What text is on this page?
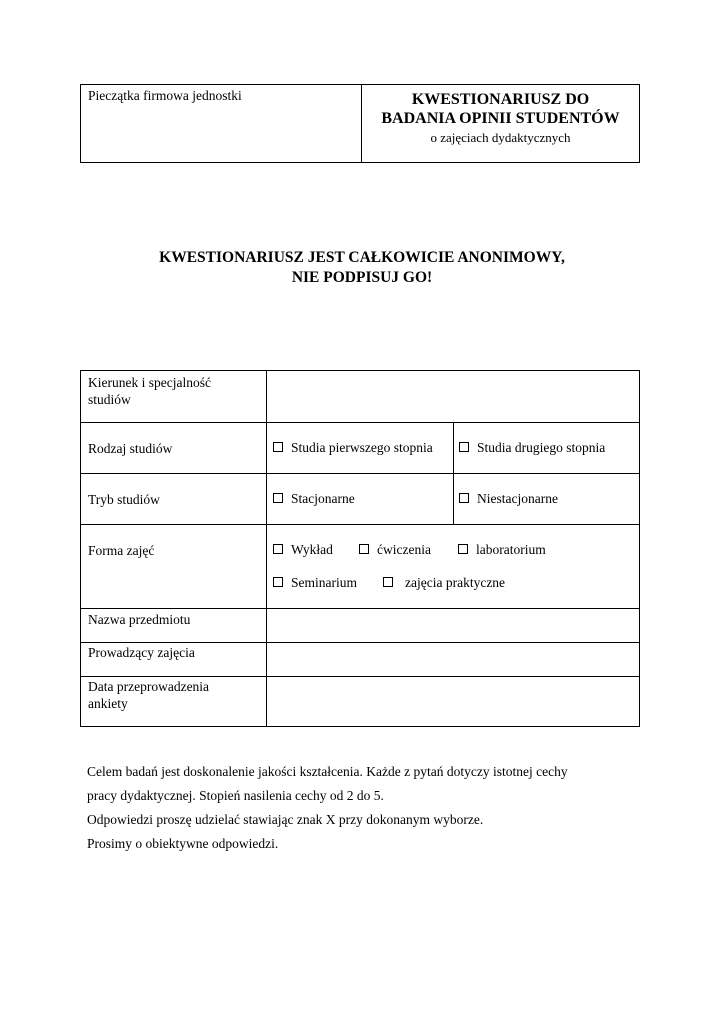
Pieczątka firmowa jednostki	KWESTIONARIUSZ DO
BADANIA OPINII STUDENTÓW
o zajęciach dydaktycznych
KWESTIONARIUSZ JEST CAŁKOWICIE ANONIMOWY,
NIE PODPISUJ GO!
Kierunek i specjalność
studiów
Rodzaj studiów	Studia pierwszego stopnia	Studia drugiego stopnia
Tryb studiów	Stacjonarne	Niestacjonarne
Forma zajęć	Wykład	ćwiczenia	laboratorium
Seminarium	zajęcia praktyczne
Nazwa przedmiotu
Prowadzący zajęcia
Data przeprowadzenia
ankiety
Celem badań jest doskonalenie jakości kształcenia. Każde z pytań dotyczy istotnej cechy
pracy dydaktycznej. Stopień nasilenia cechy od 2 do 5.
Odpowiedzi proszę udzielać stawiając znak X przy dokonanym wyborze.
Prosimy o obiektywne odpowiedzi.
